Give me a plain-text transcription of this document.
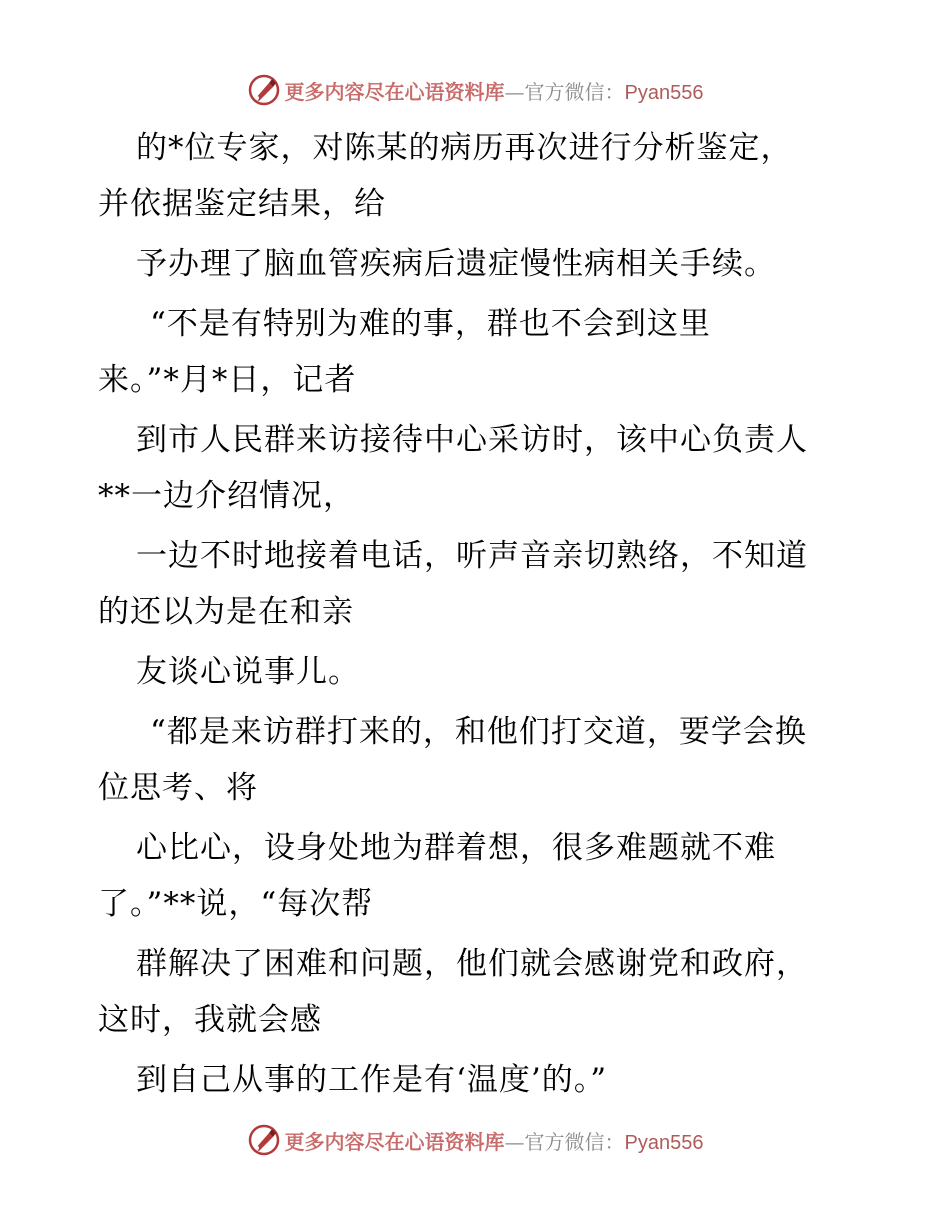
更多内容尽在心语资料库—官方微信：Pyan556
的*位专家，对陈某的病历再次进行分析鉴定，
并依据鉴定结果，给
予办理了脑血管疾病后遗症慢性病相关手续。
“不是有特别为难的事，群也不会到这里
来。”*月*日，记者
到市人民群来访接待中心采访时，该中心负责人
**一边介绍情况，
一边不时地接着电话，听声音亲切熟络，不知道
的还以为是在和亲
友谈心说事儿。
“都是来访群打来的，和他们打交道，要学会换
位思考、将
心比心，设身处地为群着想，很多难题就不难
了。”**说，“每次帮
群解决了困难和问题，他们就会感谢党和政府，
这时，我就会感
到自己从事的工作是有‘温度’的。”
更多内容尽在心语资料库—官方微信：Pyan556
